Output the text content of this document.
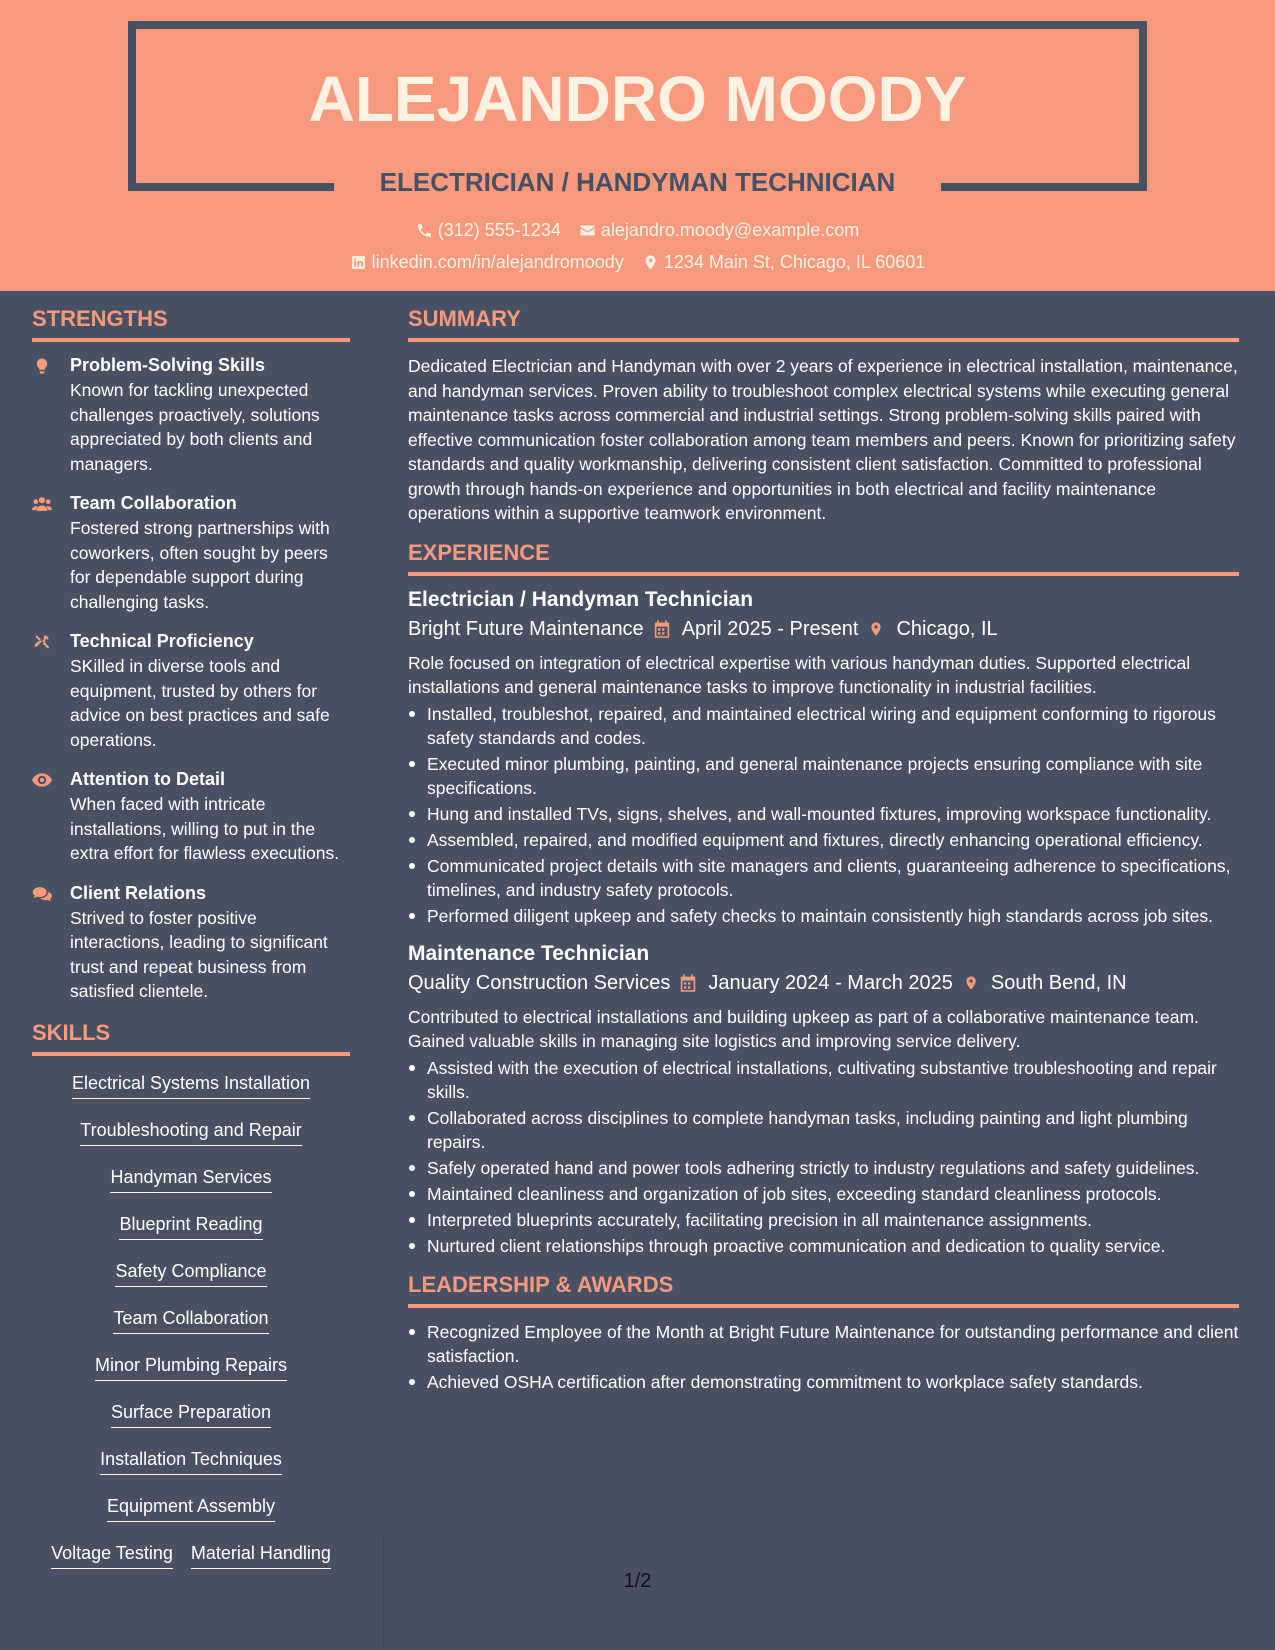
ALEJANDRO MOODY
ELECTRICIAN / HANDYMAN TECHNICIAN
(312) 555-1234 alejandro.moody@example.com
linkedin.com/in/alejandromoody 1234 Main St, Chicago, IL 60601
STRENGTHS
Problem-Solving Skills
Known for tackling unexpected challenges proactively, solutions appreciated by both clients and managers.
Team Collaboration
Fostered strong partnerships with coworkers, often sought by peers for dependable support during challenging tasks.
Technical Proficiency
SKilled in diverse tools and equipment, trusted by others for advice on best practices and safe operations.
Attention to Detail
When faced with intricate installations, willing to put in the extra effort for flawless executions.
Client Relations
Strived to foster positive interactions, leading to significant trust and repeat business from satisfied clientele.
SKILLS
Electrical Systems Installation
Troubleshooting and Repair
Handyman Services
Blueprint Reading
Safety Compliance
Team Collaboration
Minor Plumbing Repairs
Surface Preparation
Installation Techniques
Equipment Assembly
Voltage Testing Material Handling
SUMMARY
Dedicated Electrician and Handyman with over 2 years of experience in electrical installation, maintenance, and handyman services. Proven ability to troubleshoot complex electrical systems while executing general maintenance tasks across commercial and industrial settings. Strong problem-solving skills paired with effective communication foster collaboration among team members and peers. Known for prioritizing safety standards and quality workmanship, delivering consistent client satisfaction. Committed to professional growth through hands-on experience and opportunities in both electrical and facility maintenance operations within a supportive teamwork environment.
EXPERIENCE
Electrician / Handyman Technician
Bright Future Maintenance April 2025 - Present Chicago, IL
Role focused on integration of electrical expertise with various handyman duties. Supported electrical installations and general maintenance tasks to improve functionality in industrial facilities.
Installed, troubleshot, repaired, and maintained electrical wiring and equipment conforming to rigorous safety standards and codes.
Executed minor plumbing, painting, and general maintenance projects ensuring compliance with site specifications.
Hung and installed TVs, signs, shelves, and wall-mounted fixtures, improving workspace functionality.
Assembled, repaired, and modified equipment and fixtures, directly enhancing operational efficiency.
Communicated project details with site managers and clients, guaranteeing adherence to specifications, timelines, and industry safety protocols.
Performed diligent upkeep and safety checks to maintain consistently high standards across job sites.
Maintenance Technician
Quality Construction Services January 2024 - March 2025 South Bend, IN
Contributed to electrical installations and building upkeep as part of a collaborative maintenance team. Gained valuable skills in managing site logistics and improving service delivery.
Assisted with the execution of electrical installations, cultivating substantive troubleshooting and repair skills.
Collaborated across disciplines to complete handyman tasks, including painting and light plumbing repairs.
Safely operated hand and power tools adhering strictly to industry regulations and safety guidelines.
Maintained cleanliness and organization of job sites, exceeding standard cleanliness protocols.
Interpreted blueprints accurately, facilitating precision in all maintenance assignments.
Nurtured client relationships through proactive communication and dedication to quality service.
LEADERSHIP & AWARDS
Recognized Employee of the Month at Bright Future Maintenance for outstanding performance and client satisfaction.
Achieved OSHA certification after demonstrating commitment to workplace safety standards.
1/2
